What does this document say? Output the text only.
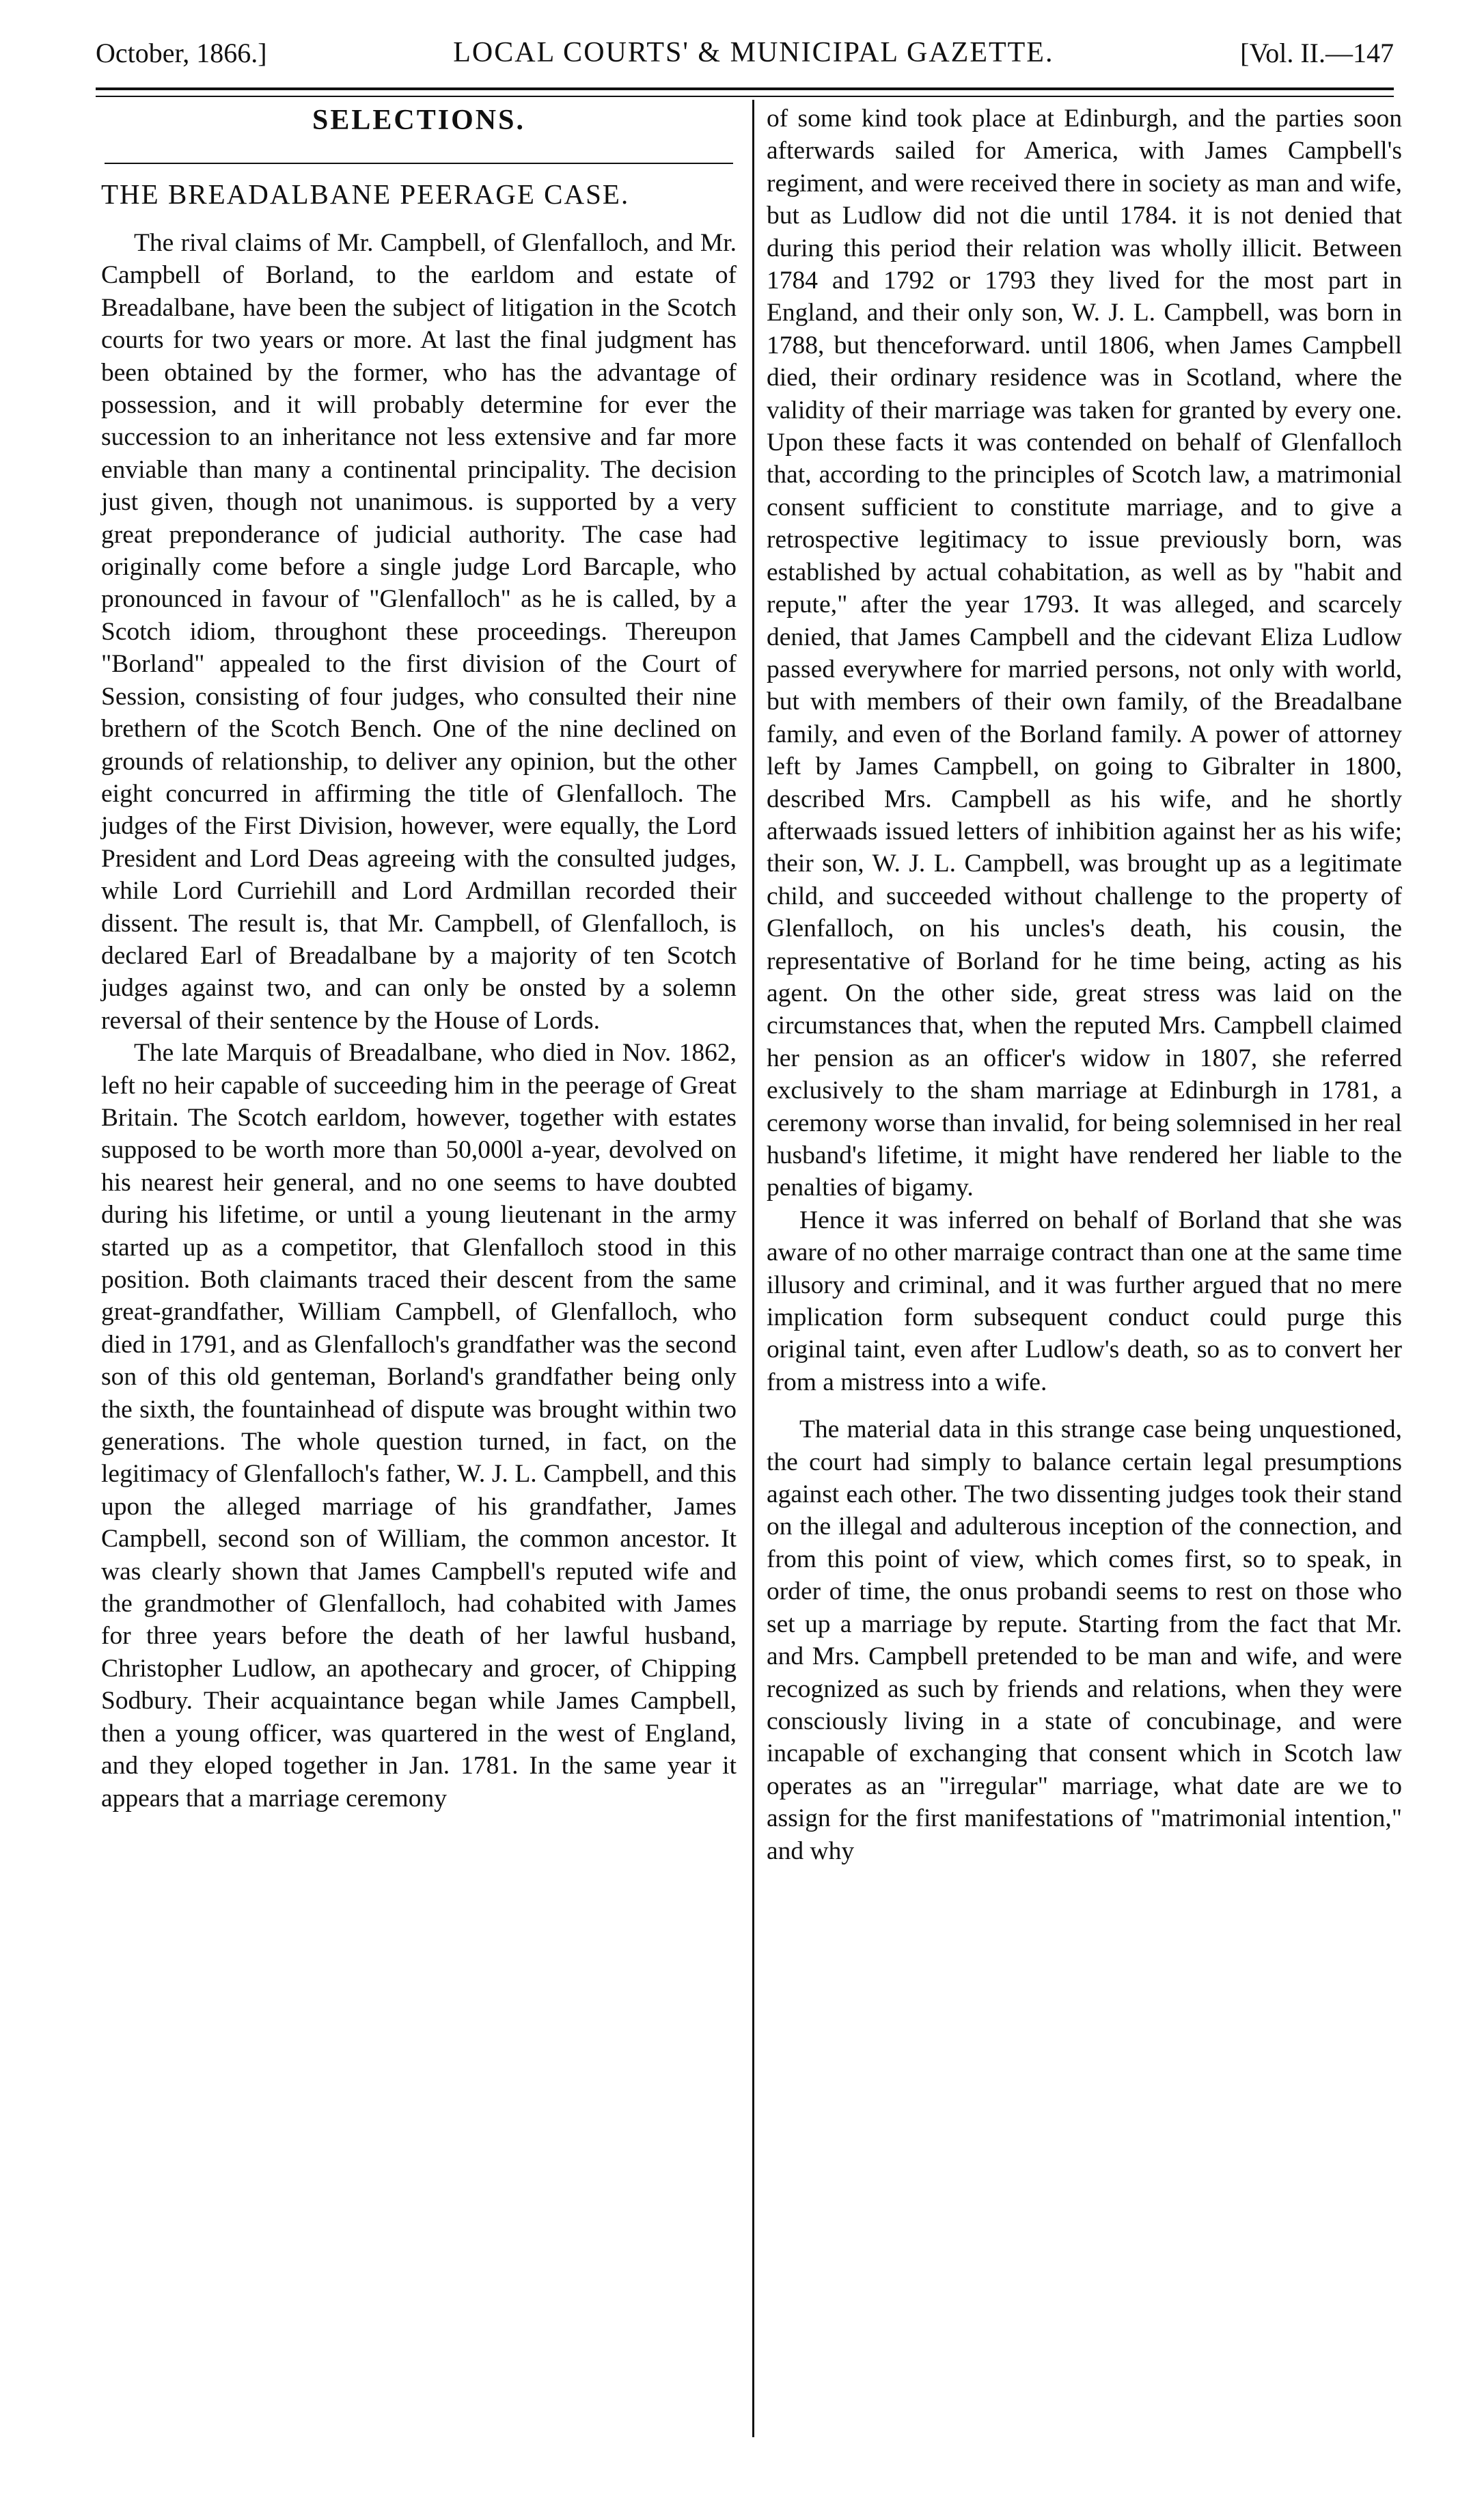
October, 1866.]	LOCAL COURTS' & MUNICIPAL GAZETTE.	[Vol. II.—147
SELECTIONS.
THE BREADALBANE PEERAGE CASE.

The rival claims of Mr. Campbell, of Glenfalloch, and Mr. Campbell of Borland, to the earldom and estate of Breadalbane, have been the subject of litigation in the Scotch courts for two years or more. At last the final judgment has been obtained by the former, who has the advantage of possession, and it will probably determine for ever the succession to an inheritance not less extensive and far more enviable than many a continental principality. The decision just given, though not unanimous. is supported by a very great preponderance of judicial authority. The case had originally come before a single judge Lord Barcaple, who pronounced in favour of "Glenfalloch" as he is called, by a Scotch idiom, throughont these proceedings. Thereupon "Borland" appealed to the first division of the Court of Session, consisting of four judges, who consulted their nine brethern of the Scotch Bench. One of the nine declined on grounds of relationship, to deliver any opinion, but the other eight concurred in affirming the title of Glenfalloch. The judges of the First Division, however, were equally, the Lord President and Lord Deas agreeing with the consulted judges, while Lord Curriehill and Lord Ardmillan recorded their dissent. The result is, that Mr. Campbell, of Glenfalloch, is declared Earl of Breadalbane by a majority of ten Scotch judges against two, and can only be onsted by a solemn reversal of their sentence by the House of Lords.

The late Marquis of Breadalbane, who died in Nov. 1862, left no heir capable of succeeding him in the peerage of Great Britain. The Scotch earldom, however, together with estates supposed to be worth more than 50,000l a-year, devolved on his nearest heir general, and no one seems to have doubted during his lifetime, or until a young lieutenant in the army started up as a competitor, that Glenfalloch stood in this position. Both claimants traced their descent from the same great-grandfather, William Campbell, of Glenfalloch, who died in 1791, and as Glenfalloch's grandfather was the second son of this old genteman, Borland's grandfather being only the sixth, the fountainhead of dispute was brought within two generations. The whole question turned, in fact, on the legitimacy of Glenfalloch's father, W. J. L. Campbell, and this upon the alleged marriage of his grandfather, James Campbell, second son of William, the common ancestor. It was clearly shown that James Campbell's reputed wife and the grandmother of Glenfalloch, had cohabited with James for three years before the death of her lawful husband, Christopher Ludlow, an apothecary and grocer, of Chipping Sodbury. Their acquaintance began while James Campbell, then a young officer, was quartered in the west of England, and they eloped together in Jan. 1781. In the same year it appears that a marriage ceremony

of some kind took place at Edinburgh, and the parties soon afterwards sailed for America, with James Campbell's regiment, and were received there in society as man and wife, but as Ludlow did not die until 1784. it is not denied that during this period their relation was wholly illicit. Between 1784 and 1792 or 1793 they lived for the most part in England, and their only son, W. J. L. Campbell, was born in 1788, but thenceforward. until 1806, when James Campbell died, their ordinary residence was in Scotland, where the validity of their marriage was taken for granted by every one. Upon these facts it was contended on behalf of Glenfalloch that, according to the principles of Scotch law, a matrimonial consent sufficient to constitute marriage, and to give a retrospective legitimacy to issue previously born, was established by actual cohabitation, as well as by "habit and repute," after the year 1793. It was alleged, and scarcely denied, that James Campbell and the cidevant Eliza Ludlow passed everywhere for married persons, not only with world, but with members of their own family, of the Breadalbane family, and even of the Borland family. A power of attorney left by James Campbell, on going to Gibralter in 1800, described Mrs. Campbell as his wife, and he shortly afterwaads issued letters of inhibition against her as his wife; their son, W. J. L. Campbell, was brought up as a legitimate child, and succeeded without challenge to the property of Glenfalloch, on his uncles's death, his cousin, the representative of Borland for he time being, acting as his agent. On the other side, great stress was laid on the circumstances that, when the reputed Mrs. Campbell claimed her pension as an officer's widow in 1807, she referred exclusively to the sham marriage at Edinburgh in 1781, a ceremony worse than invalid, for being solemnised in her real husband's lifetime, it might have rendered her liable to the penalties of bigamy.

Hence it was inferred on behalf of Borland that she was aware of no other marraige contract than one at the same time illusory and criminal, and it was further argued that no mere implication form subsequent conduct could purge this original taint, even after Ludlow's death, so as to convert her from a mistress into a wife.

The material data in this strange case being unquestioned, the court had simply to balance certain legal presumptions against each other. The two dissenting judges took their stand on the illegal and adulterous inception of the connection, and from this point of view, which comes first, so to speak, in order of time, the onus probandi seems to rest on those who set up a marriage by repute. Starting from the fact that Mr. and Mrs. Campbell pretended to be man and wife, and were recognized as such by friends and relations, when they were consciously living in a state of concubinage, and were incapable of exchanging that consent which in Scotch law operates as an "irregular" marriage, what date are we to assign for the first manifestations of "matrimonial intention," and why
